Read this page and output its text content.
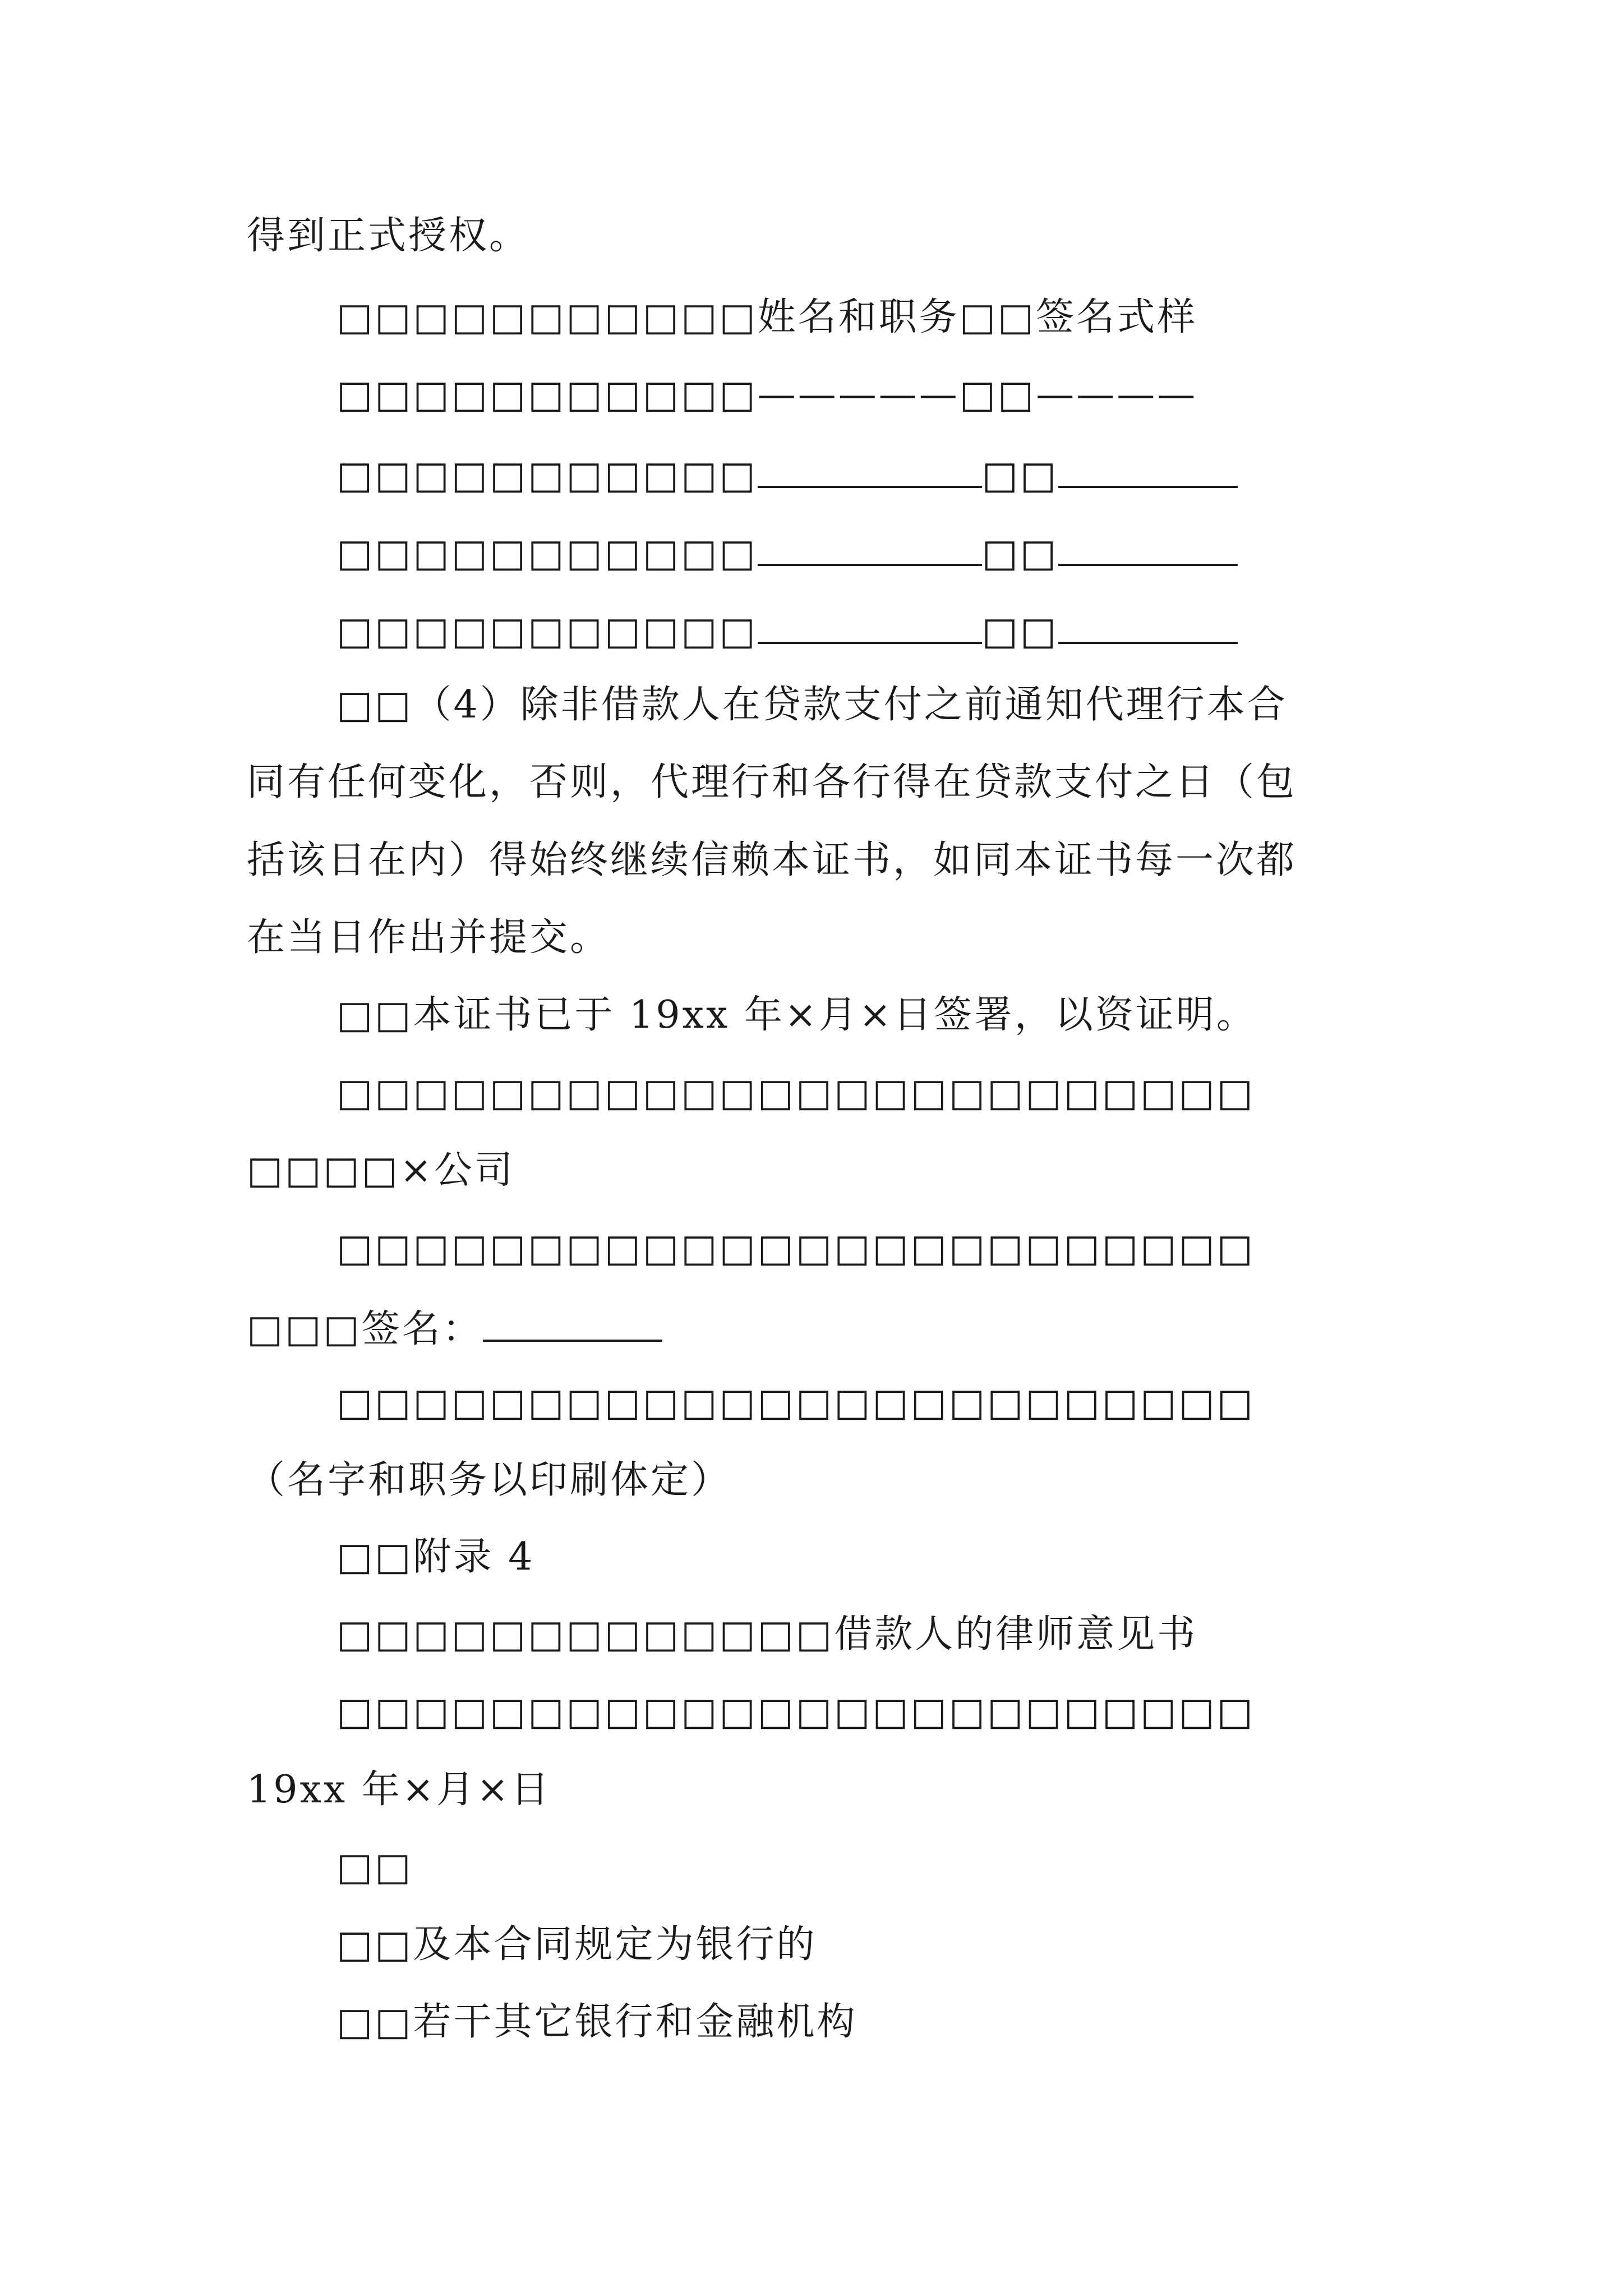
得到正式授权。
□□□□□□□□□□□姓名和职务□□签名式样
□□□□□□□□□□□—————□□————
□□□□□□□□□□□	□□
□□□□□□□□□□□	□□
□□□□□□□□□□□	□□
□□（4）除非借款人在贷款支付之前通知代理行本合
同有任何变化，否则，代理行和各行得在贷款支付之日（包
括该日在内）得始终继续信赖本证书，如同本证书每一次都
在当日作出并提交。
□□本证书已于 19xx 年×月×日签署，以资证明。
□□□□□□□□□□□□□□□□□□□□□□□□
□□□□×公司
□□□□□□□□□□□□□□□□□□□□□□□□
□□□签名：
□□□□□□□□□□□□□□□□□□□□□□□□
（名字和职务以印刷体定）
□□附录 4
□□□□□□□□□□□□□借款人的律师意见书
□□□□□□□□□□□□□□□□□□□□□□□□
19xx 年×月×日
□□
□□及本合同规定为银行的
□□若干其它银行和金融机构
